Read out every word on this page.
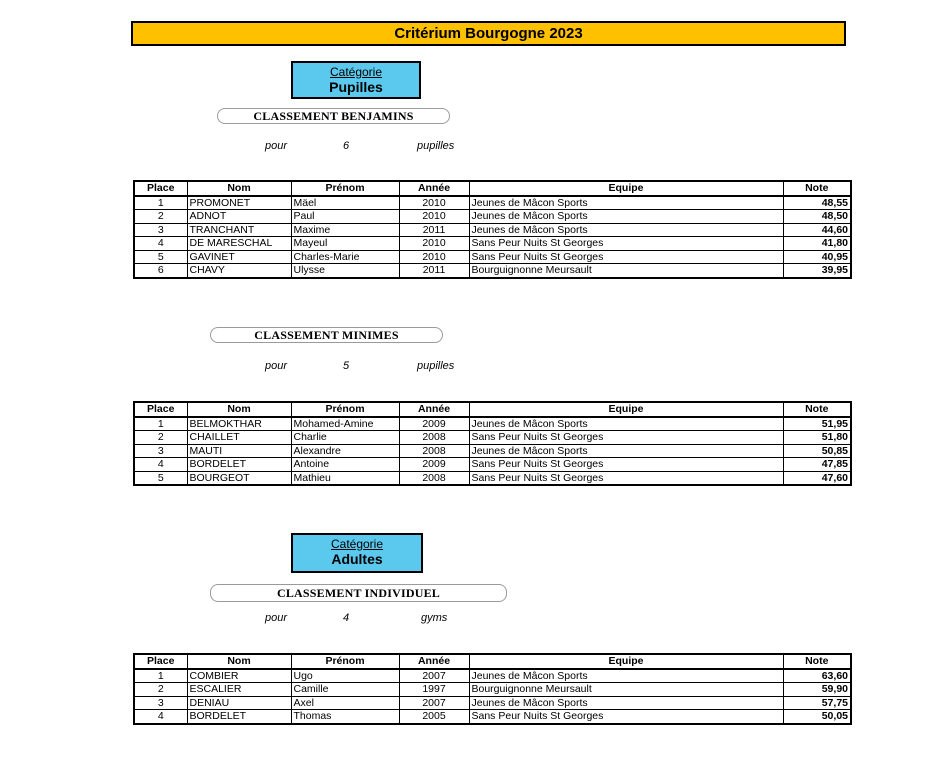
Critérium Bourgogne 2023
Catégorie
Pupilles
CLASSEMENT BENJAMINS
pour	6	pupilles
Place	Nom	Prénom	Année	Equipe	Note
1	PROMONET	Mäel	2010	Jeunes de Mâcon Sports	48,55
2	ADNOT	Paul	2010	Jeunes de Mâcon Sports	48,50
3	TRANCHANT	Maxime	2011	Jeunes de Mâcon Sports	44,60
4	DE MARESCHAL	Mayeul	2010	Sans Peur Nuits St Georges	41,80
5	GAVINET	Charles-Marie	2010	Sans Peur Nuits St Georges	40,95
6	CHAVY	Ulysse	2011	Bourguignonne Meursault	39,95
CLASSEMENT MINIMES
pour	5	pupilles
Place	Nom	Prénom	Année	Equipe	Note
1	BELMOKTHAR	Mohamed-Amine	2009	Jeunes de Mâcon Sports	51,95
2	CHAILLET	Charlie	2008	Sans Peur Nuits St Georges	51,80
3	MAUTI	Alexandre	2008	Jeunes de Mâcon Sports	50,85
4	BORDELET	Antoine	2009	Sans Peur Nuits St Georges	47,85
5	BOURGEOT	Mathieu	2008	Sans Peur Nuits St Georges	47,60
Catégorie
Adultes
CLASSEMENT INDIVIDUEL
pour	4	gyms
Place	Nom	Prénom	Année	Equipe	Note
1	COMBIER	Ugo	2007	Jeunes de Mâcon Sports	63,60
2	ESCALIER	Camille	1997	Bourguignonne Meursault	59,90
3	DENIAU	Axel	2007	Jeunes de Mâcon Sports	57,75
4	BORDELET	Thomas	2005	Sans Peur Nuits St Georges	50,05
